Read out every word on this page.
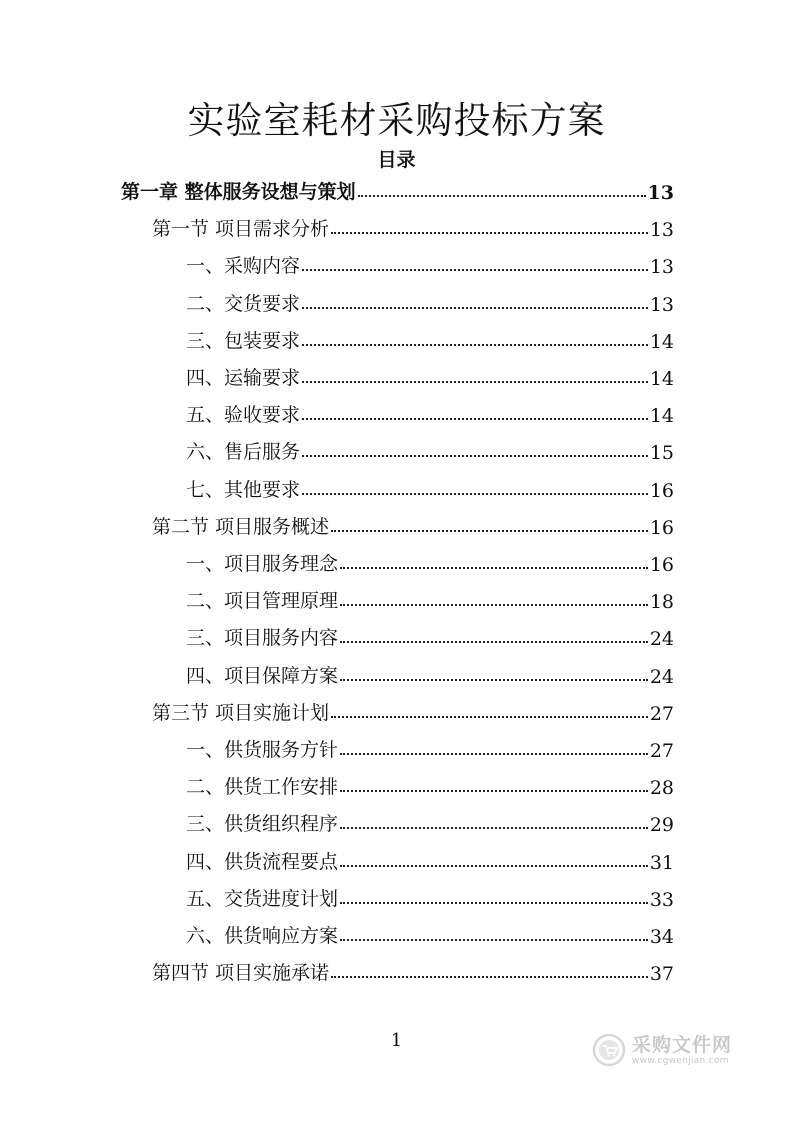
实验室耗材采购投标方案
目录
第一章 整体服务设想与策划	13
第一节 项目需求分析	13
一、采购内容	13
二、交货要求	13
三、包装要求	14
四、运输要求	14
五、验收要求	14
六、售后服务	15
七、其他要求	16
第二节 项目服务概述	16
一、项目服务理念	16
二、项目管理原理	18
三、项目服务内容	24
四、项目保障方案	24
第三节 项目实施计划	27
一、供货服务方针	27
二、供货工作安排	28
三、供货组织程序	29
四、供货流程要点	31
五、交货进度计划	33
六、供货响应方案	34
第四节 项目实施承诺	37
1	采购文件网
www.cgwenjian.com
